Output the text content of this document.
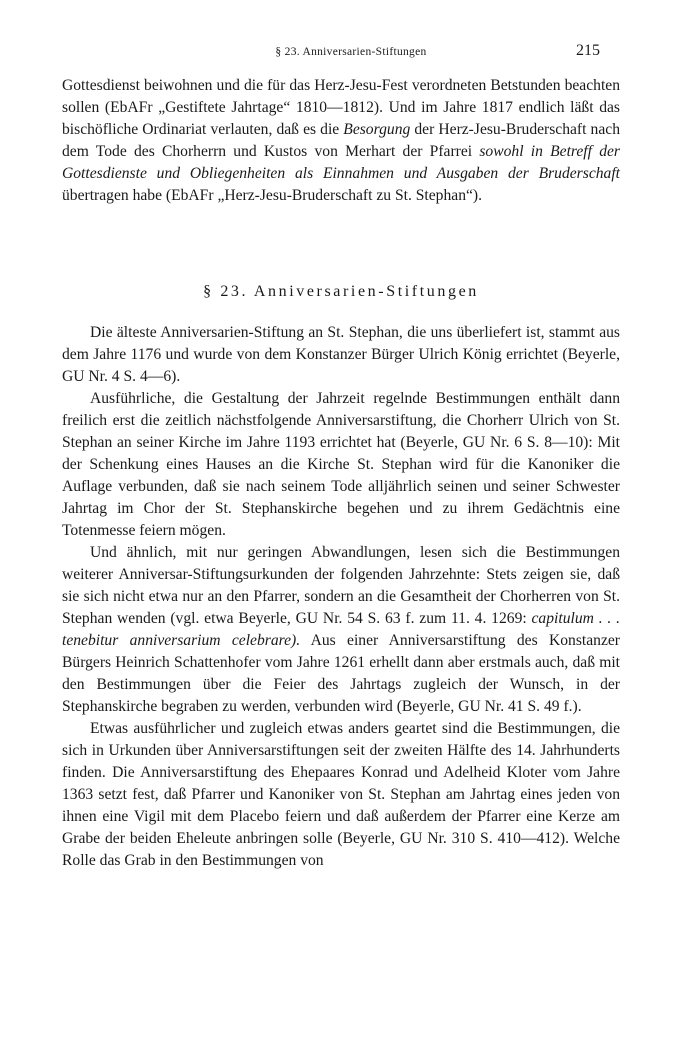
§ 23. Anniversarien-Stiftungen	215

Gottesdienst beiwohnen und die für das Herz-Jesu-Fest verordneten Betstunden beachten sollen (EbAFr „Gestiftete Jahrtage“ 1810—1812). Und im Jahre 1817 endlich läßt das bischöfliche Ordinariat verlauten, daß es die Besorgung der Herz-Jesu-Bruderschaft nach dem Tode des Chorherrn und Kustos von Merhart der Pfarrei sowohl in Betreff der Gottesdienste und Obliegenheiten als Einnahmen und Ausgaben der Bruderschaft übertragen habe (EbAFr „Herz-Jesu-Bruderschaft zu St. Stephan“).

§ 23. Anniversarien-Stiftungen

Die älteste Anniversarien-Stiftung an St. Stephan, die uns überliefert ist, stammt aus dem Jahre 1176 und wurde von dem Konstanzer Bürger Ulrich König errichtet (Beyerle, GU Nr. 4 S. 4—6).

Ausführliche, die Gestaltung der Jahrzeit regelnde Bestimmungen enthält dann freilich erst die zeitlich nächstfolgende Anniversarstiftung, die Chorherr Ulrich von St. Stephan an seiner Kirche im Jahre 1193 errichtet hat (Beyerle, GU Nr. 6 S. 8—10): Mit der Schenkung eines Hauses an die Kirche St. Stephan wird für die Kanoniker die Auflage verbunden, daß sie nach seinem Tode alljährlich seinen und seiner Schwester Jahrtag im Chor der St. Stephanskirche begehen und zu ihrem Gedächtnis eine Totenmesse feiern mögen.

Und ähnlich, mit nur geringen Abwandlungen, lesen sich die Bestimmungen weiterer Anniversar-Stiftungsurkunden der folgenden Jahrzehnte: Stets zeigen sie, daß sie sich nicht etwa nur an den Pfarrer, sondern an die Gesamtheit der Chorherren von St. Stephan wenden (vgl. etwa Beyerle, GU Nr. 54 S. 63 f. zum 11. 4. 1269: capitulum . . . tenebitur anniversarium celebrare). Aus einer Anniversarstiftung des Konstanzer Bürgers Heinrich Schattenhofer vom Jahre 1261 erhellt dann aber erstmals auch, daß mit den Bestimmungen über die Feier des Jahrtags zugleich der Wunsch, in der Stephanskirche begraben zu werden, verbunden wird (Beyerle, GU Nr. 41 S. 49 f.).

Etwas ausführlicher und zugleich etwas anders geartet sind die Bestimmungen, die sich in Urkunden über Anniversarstiftungen seit der zweiten Hälfte des 14. Jahrhunderts finden. Die Anniversarstiftung des Ehepaares Konrad und Adelheid Kloter vom Jahre 1363 setzt fest, daß Pfarrer und Kanoniker von St. Stephan am Jahrtag eines jeden von ihnen eine Vigil mit dem Placebo feiern und daß außerdem der Pfarrer eine Kerze am Grabe der beiden Eheleute anbringen solle (Beyerle, GU Nr. 310 S. 410—412). Welche Rolle das Grab in den Bestimmungen von
